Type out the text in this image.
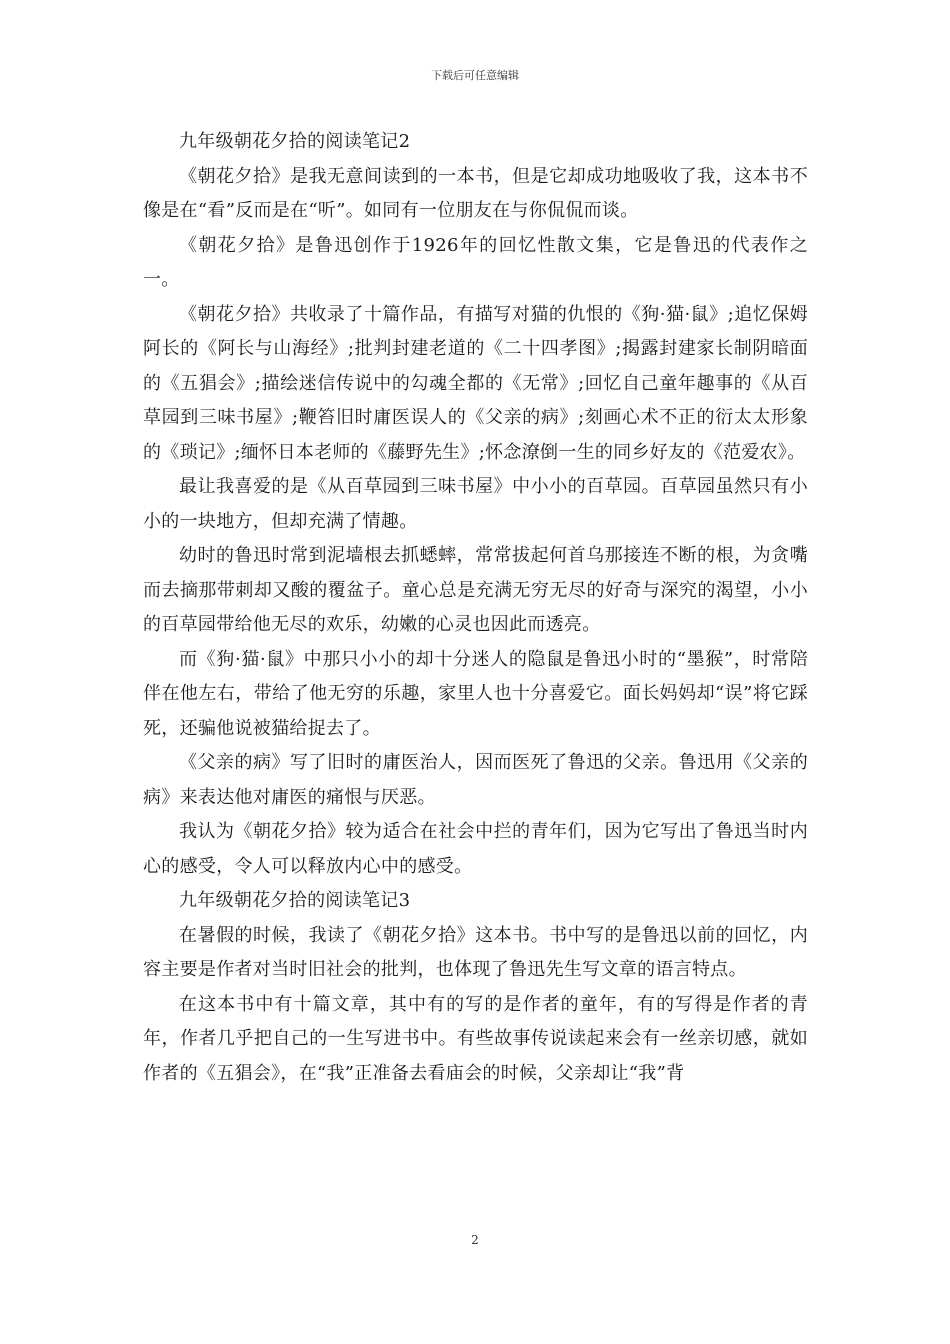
下载后可任意编辑

九年级朝花夕拾的阅读笔记2

《朝花夕拾》是我无意间读到的一本书，但是它却成功地吸收了我，这本书不像是在“看”反而是在“听”。如同有一位朋友在与你侃侃而谈。

《朝花夕拾》是鲁迅创作于1926年的回忆性散文集，它是鲁迅的代表作之一。

《朝花夕拾》共收录了十篇作品，有描写对猫的仇恨的《狗·猫·鼠》;追忆保姆阿长的《阿长与山海经》;批判封建老道的《二十四孝图》;揭露封建家长制阴暗面的《五猖会》;描绘迷信传说中的勾魂全都的《无常》;回忆自己童年趣事的《从百草园到三味书屋》;鞭笞旧时庸医误人的《父亲的病》;刻画心术不正的衍太太形象的《琐记》;缅怀日本老师的《藤野先生》;怀念潦倒一生的同乡好友的《范爱农》。

最让我喜爱的是《从百草园到三味书屋》中小小的百草园。百草园虽然只有小小的一块地方，但却充满了情趣。

幼时的鲁迅时常到泥墙根去抓蟋蟀，常常拔起何首乌那接连不断的根，为贪嘴而去摘那带刺却又酸的覆盆子。童心总是充满无穷无尽的好奇与深究的渴望，小小的百草园带给他无尽的欢乐，幼嫩的心灵也因此而透亮。

而《狗·猫·鼠》中那只小小的却十分迷人的隐鼠是鲁迅小时的“墨猴”，时常陪伴在他左右，带给了他无穷的乐趣，家里人也十分喜爱它。面长妈妈却“误”将它踩死，还骗他说被猫给捉去了。

《父亲的病》写了旧时的庸医治人，因而医死了鲁迅的父亲。鲁迅用《父亲的病》来表达他对庸医的痛恨与厌恶。

我认为《朝花夕拾》较为适合在社会中拦的青年们，因为它写出了鲁迅当时内心的感受，令人可以释放内心中的感受。

九年级朝花夕拾的阅读笔记3

在暑假的时候，我读了《朝花夕拾》这本书。书中写的是鲁迅以前的回忆，内容主要是作者对当时旧社会的批判，也体现了鲁迅先生写文章的语言特点。

在这本书中有十篇文章，其中有的写的是作者的童年，有的写得是作者的青年，作者几乎把自己的一生写进书中。有些故事传说读起来会有一丝亲切感，就如作者的《五猖会》，在“我”正准备去看庙会的时候，父亲却让“我”背

2
